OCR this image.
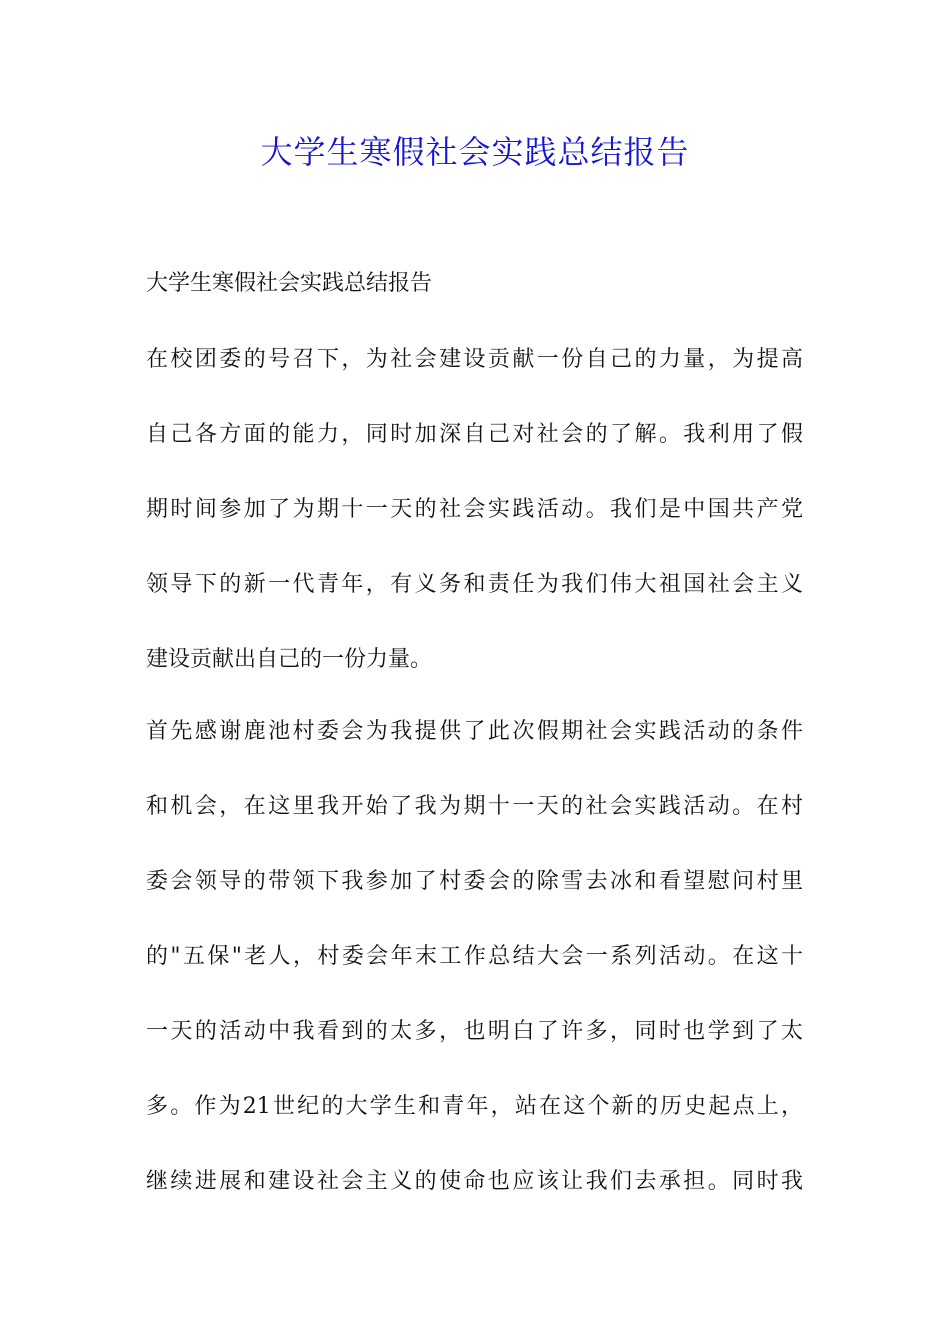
大学生寒假社会实践总结报告

大学生寒假社会实践总结报告

在校团委的号召下，为社会建设贡献一份自己的力量，为提高

自己各方面的能力，同时加深自己对社会的了解。我利用了假

期时间参加了为期十一天的社会实践活动。我们是中国共产党

领导下的新一代青年，有义务和责任为我们伟大祖国社会主义

建设贡献出自己的一份力量。

首先感谢鹿池村委会为我提供了此次假期社会实践活动的条件

和机会，在这里我开始了我为期十一天的社会实践活动。在村

委会领导的带领下我参加了村委会的除雪去冰和看望慰问村里

的"五保"老人，村委会年末工作总结大会一系列活动。在这十

一天的活动中我看到的太多，也明白了许多，同时也学到了太

多。作为21世纪的大学生和青年，站在这个新的历史起点上，

继续进展和建设社会主义的使命也应该让我们去承担。同时我
